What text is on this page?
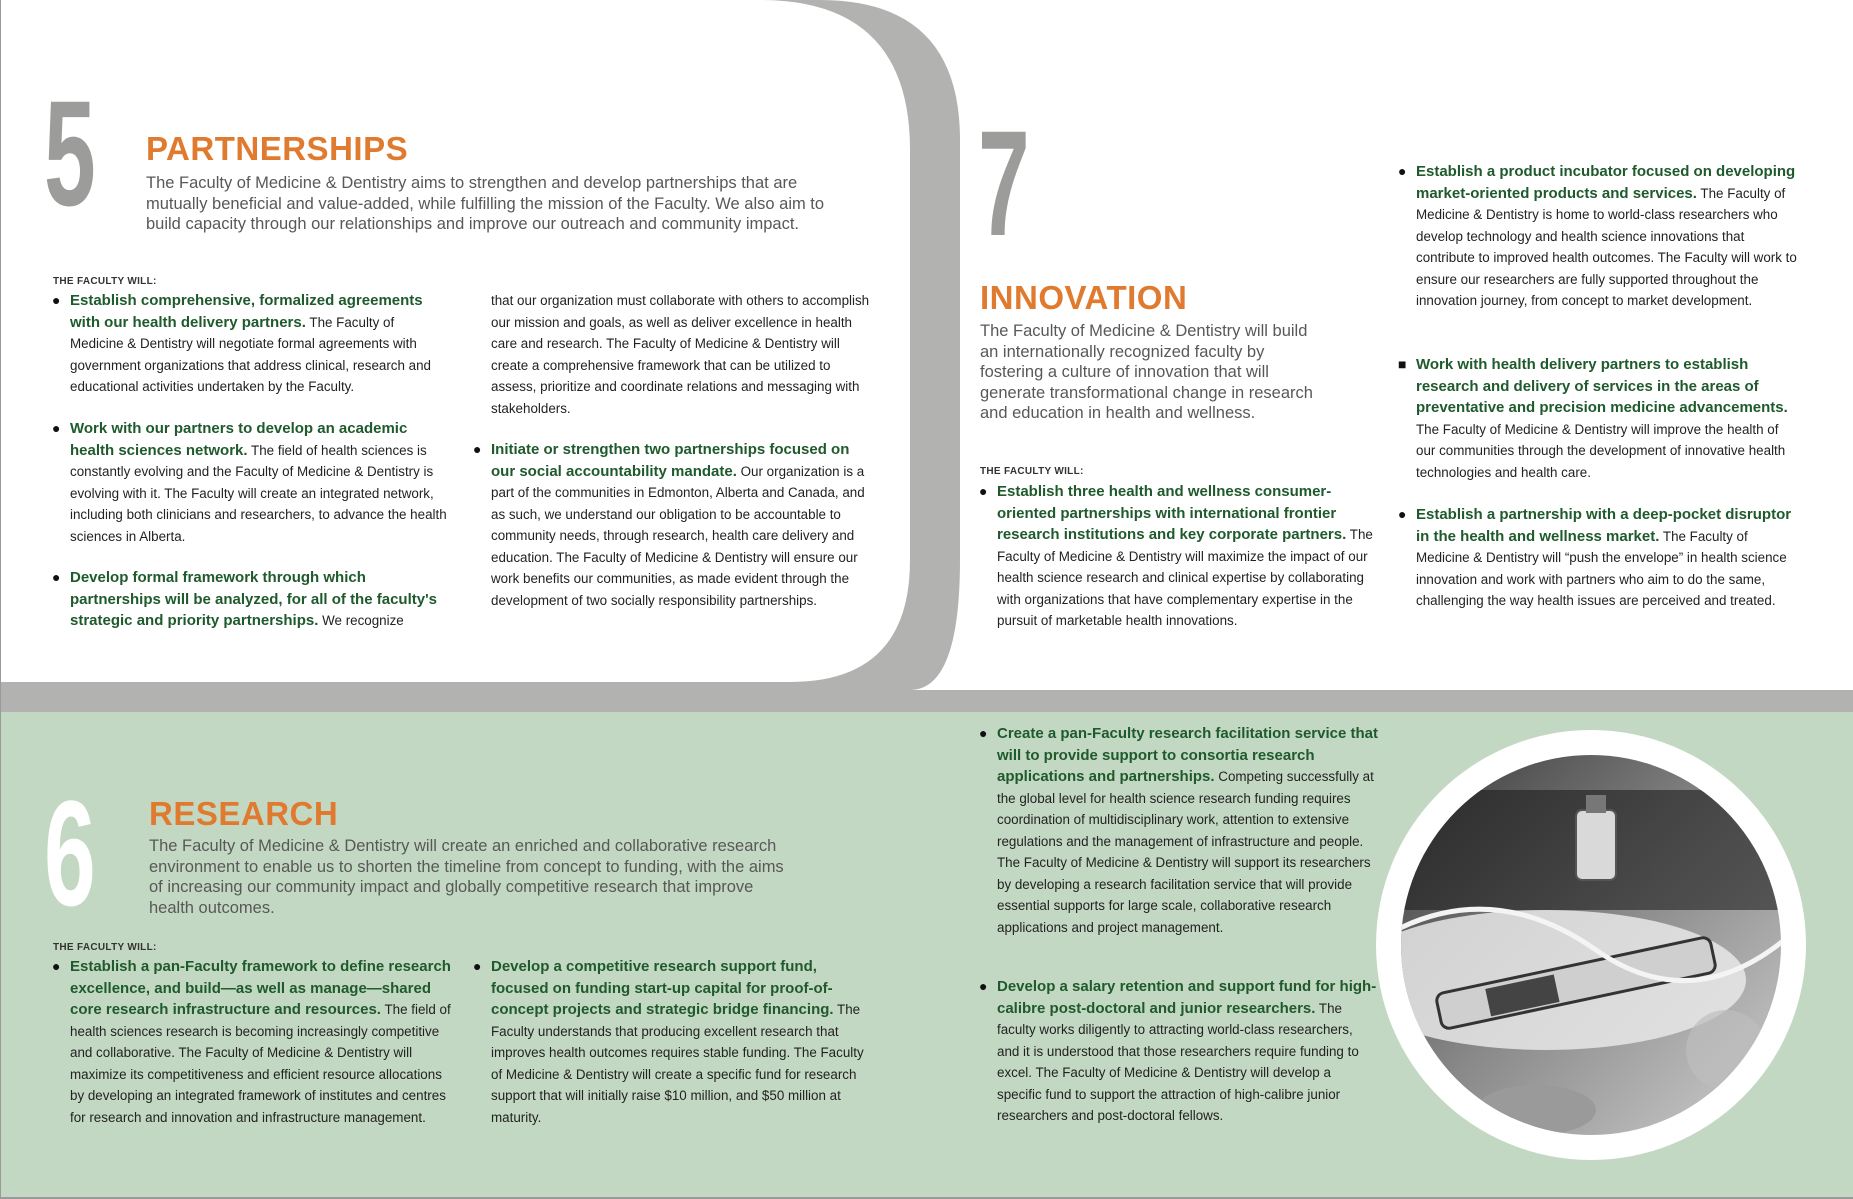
5 PARTNERSHIPS
The Faculty of Medicine & Dentistry aims to strengthen and develop partnerships that are mutually beneficial and value-added, while fulfilling the mission of the Faculty. We also aim to build capacity through our relationships and improve our outreach and community impact.
THE FACULTY WILL:
● Establish comprehensive, formalized agreements with our health delivery partners. The Faculty of Medicine & Dentistry will negotiate formal agreements with government organizations that address clinical, research and educational activities undertaken by the Faculty.

● Work with our partners to develop an academic health sciences network. The field of health sciences is constantly evolving and the Faculty of Medicine & Dentistry is evolving with it. The Faculty will create an integrated network, including both clinicians and researchers, to advance the health sciences in Alberta.

● Develop formal framework through which partnerships will be analyzed, for all of the faculty's strategic and priority partnerships. We recognize

that our organization must collaborate with others to accomplish our mission and goals, as well as deliver excellence in health care and research. The Faculty of Medicine & Dentistry will create a comprehensive framework that can be utilized to assess, prioritize and coordinate relations and messaging with stakeholders.

● Initiate or strengthen two partnerships focused on our social accountability mandate. Our organization is a part of the communities in Edmonton, Alberta and Canada, and as such, we understand our obligation to be accountable to community needs, through research, health care delivery and education. The Faculty of Medicine & Dentistry will ensure our work benefits our communities, as made evident through the development of two socially responsibility partnerships.

7
INNOVATION
The Faculty of Medicine & Dentistry will build an internationally recognized faculty by fostering a culture of innovation that will generate transformational change in research and education in health and wellness.
THE FACULTY WILL:
● Establish three health and wellness consumer-oriented partnerships with international frontier research institutions and key corporate partners. The Faculty of Medicine & Dentistry will maximize the impact of our health science research and clinical expertise by collaborating with organizations that have complementary expertise in the pursuit of marketable health innovations.

● Establish a product incubator focused on developing market-oriented products and services. The Faculty of Medicine & Dentistry is home to world-class researchers who develop technology and health science innovations that contribute to improved health outcomes. The Faculty will work to ensure our researchers are fully supported throughout the innovation journey, from concept to market development.

■ Work with health delivery partners to establish research and delivery of services in the areas of preventative and precision medicine advancements. The Faculty of Medicine & Dentistry will improve the health of our communities through the development of innovative health technologies and health care.

● Establish a partnership with a deep-pocket disruptor in the health and wellness market. The Faculty of Medicine & Dentistry will “push the envelope” in health science innovation and work with partners who aim to do the same, challenging the way health issues are perceived and treated.

6 RESEARCH
The Faculty of Medicine & Dentistry will create an enriched and collaborative research environment to enable us to shorten the timeline from concept to funding, with the aims of increasing our community impact and globally competitive research that improve health outcomes.
THE FACULTY WILL:
● Establish a pan-Faculty framework to define research excellence, and build—as well as manage—shared core research infrastructure and resources. The field of health sciences research is becoming increasingly competitive and collaborative. The Faculty of Medicine & Dentistry will maximize its competitiveness and efficient resource allocations by developing an integrated framework of institutes and centres for research and innovation and infrastructure management.

● Develop a competitive research support fund, focused on funding start-up capital for proof-of-concept projects and strategic bridge financing. The Faculty understands that producing excellent research that improves health outcomes requires stable funding. The Faculty of Medicine & Dentistry will create a specific fund for research support that will initially raise $10 million, and $50 million at maturity.

● Create a pan-Faculty research facilitation service that will to provide support to consortia research applications and partnerships. Competing successfully at the global level for health science research funding requires coordination of multidisciplinary work, attention to extensive regulations and the management of infrastructure and people. The Faculty of Medicine & Dentistry will support its researchers by developing a research facilitation service that will provide essential supports for large scale, collaborative research applications and project management.

● Develop a salary retention and support fund for high-calibre post-doctoral and junior researchers. The faculty works diligently to attracting world-class researchers, and it is understood that those researchers require funding to excel. The Faculty of Medicine & Dentistry will develop a specific fund to support the attraction of high-calibre junior researchers and post-doctoral fellows.
